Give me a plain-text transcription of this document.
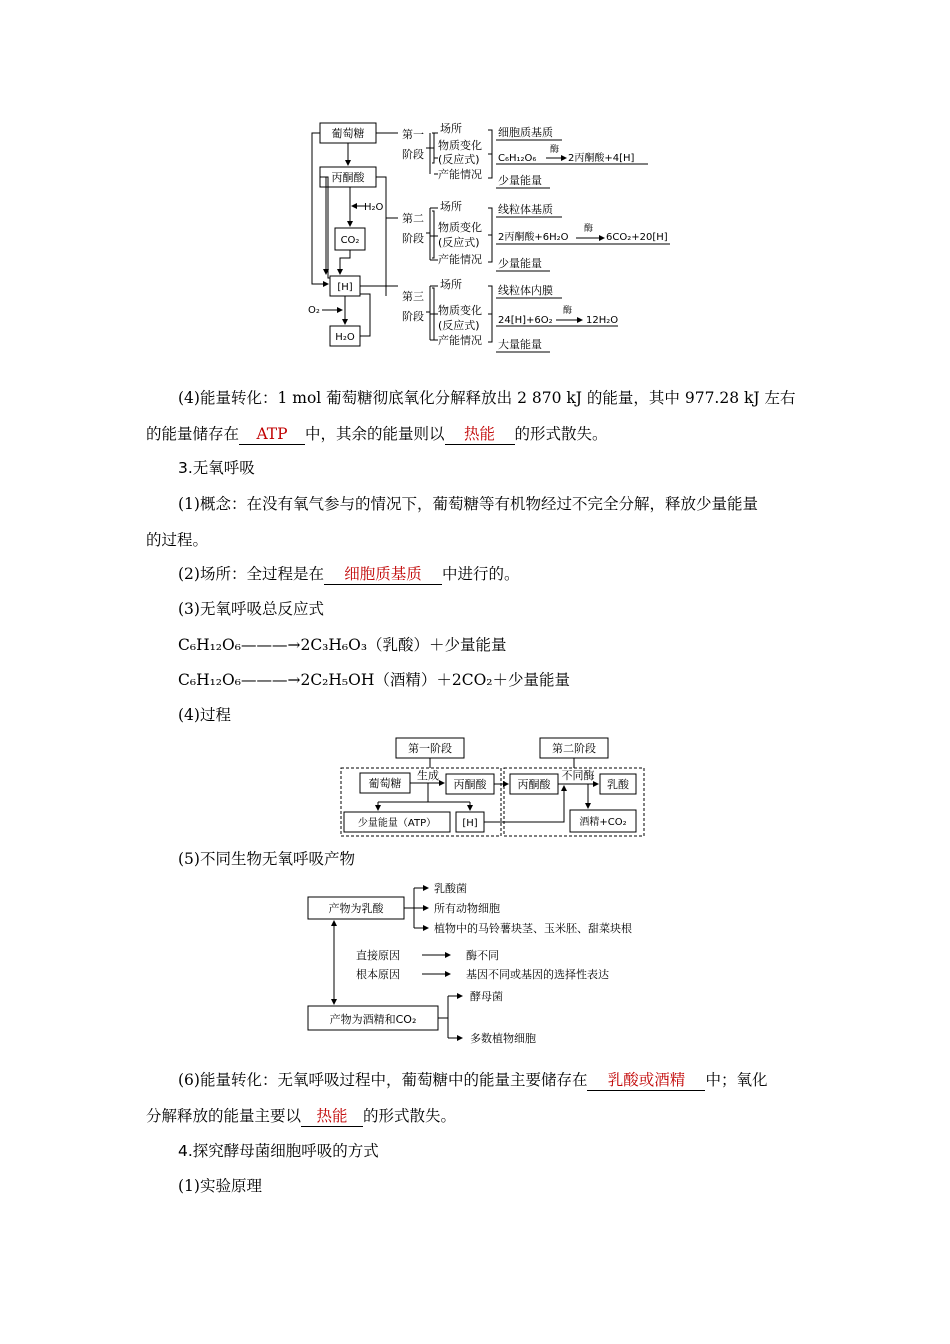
葡萄糖
丙酮酸
H₂O
CO₂
[H]
O₂
H₂O
第一
阶段
第二
阶段
第三
阶段
场所
物质变化
(反应式)
产能情况
场所
物质变化
(反应式)
产能情况
场所
物质变化
(反应式)
产能情况
细胞质基质
C₆H₁₂O₆
酶
2丙酮酸+4[H]
少量能量
线粒体基质
2丙酮酸+6H₂O
酶
6CO₂+20[H]
少量能量
线粒体内膜
24[H]+6O₂
酶
12H₂O
大量能量
(4)能量转化：1 mol 葡萄糖彻底氧化分解释放出 2 870 kJ 的能量，其中 977.28 kJ 左右
的能量储存在 ATP 中，其余的能量则以 热能 的形式散失。
3.无氧呼吸
(1)概念：在没有氧气参与的情况下，葡萄糖等有机物经过不完全分解，释放少量能量
的过程。
(2)场所：全过程是在 细胞质基质 中进行的。
(3)无氧呼吸总反应式
C₆H₁₂O₆———→2C₃H₆O₃（乳酸）＋少量能量
C₆H₁₂O₆———→2C₂H₅OH（酒精）＋2CO₂＋少量能量
(4)过程
第一阶段	第二阶段
葡萄糖
生成
丙酮酸	丙酮酸
不同酶
乳酸
少量能量（ATP）	[H]	酒精+CO₂
(5)不同生物无氧呼吸产物
产物为乳酸
乳酸菌
所有动物细胞
植物中的马铃薯块茎、玉米胚、甜菜块根
直接原因	酶不同
根本原因	基因不同或基因的选择性表达
产物为酒精和CO₂
酵母菌
多数植物细胞
(6)能量转化：无氧呼吸过程中，葡萄糖中的能量主要储存在 乳酸或酒精 中；氧化
分解释放的能量主要以 热能 的形式散失。
4.探究酵母菌细胞呼吸的方式
(1)实验原理
